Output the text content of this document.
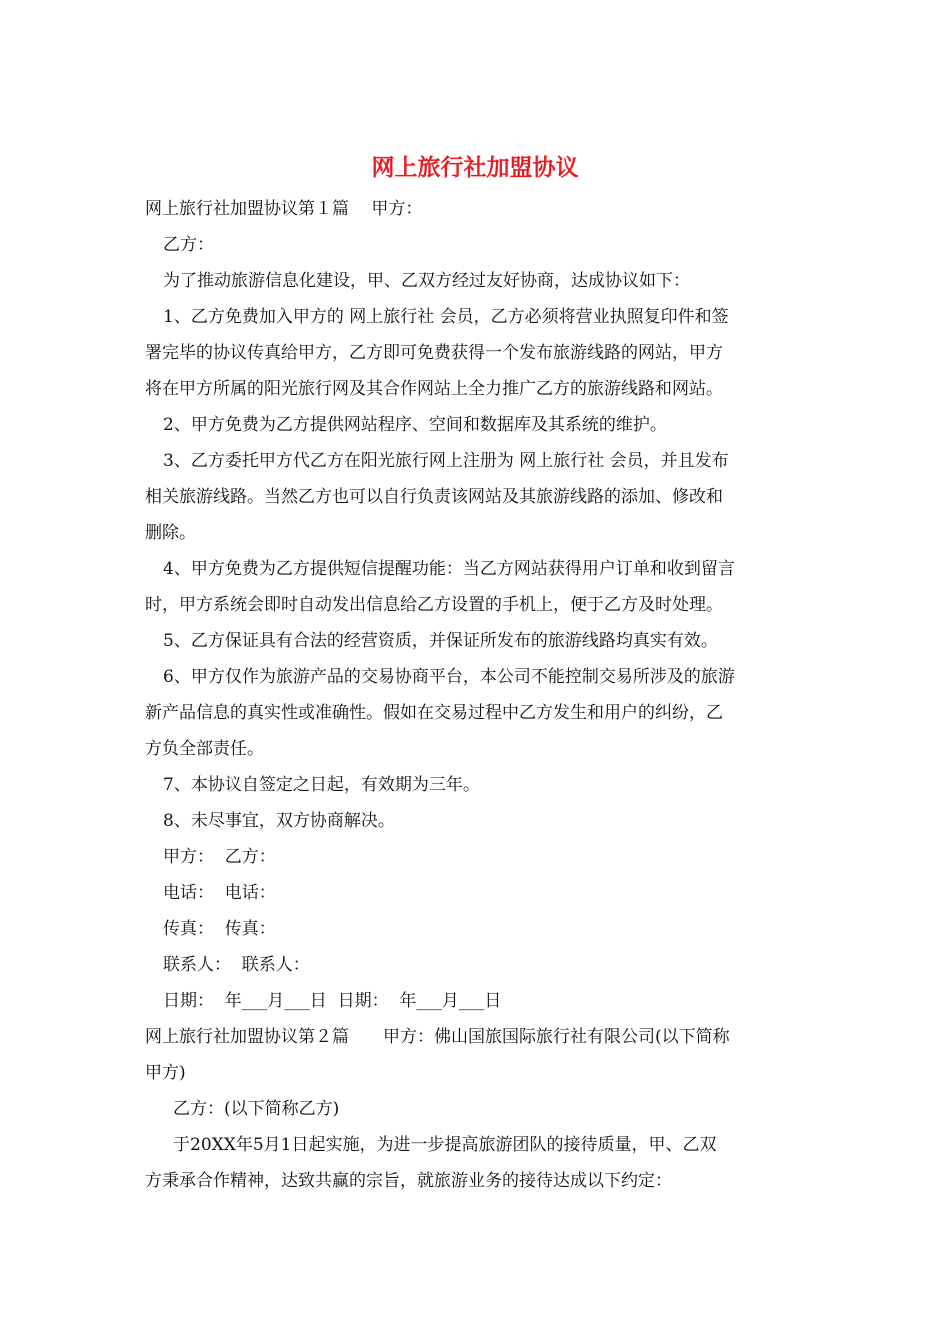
网上旅行社加盟协议

网上旅行社加盟协议第１篇　 甲方：

乙方：

为了推动旅游信息化建设，甲、乙双方经过友好协商，达成协议如下：

1、乙方免费加入甲方的 网上旅行社 会员，乙方必须将营业执照复印件和签

署完毕的协议传真给甲方，乙方即可免费获得一个发布旅游线路的网站，甲方

将在甲方所属的阳光旅行网及其合作网站上全力推广乙方的旅游线路和网站。

2、甲方免费为乙方提供网站程序、空间和数据库及其系统的维护。

3、乙方委托甲方代乙方在阳光旅行网上注册为 网上旅行社 会员，并且发布

相关旅游线路。当然乙方也可以自行负责该网站及其旅游线路的添加、修改和

删除。

4、甲方免费为乙方提供短信提醒功能：当乙方网站获得用户订单和收到留言

时，甲方系统会即时自动发出信息给乙方设置的手机上，便于乙方及时处理。

5、乙方保证具有合法的经营资质，并保证所发布的旅游线路均真实有效。

6、甲方仅作为旅游产品的交易协商平台，本公司不能控制交易所涉及的旅游

新产品信息的真实性或准确性。假如在交易过程中乙方发生和用户的纠纷，乙

方负全部责任。

7、本协议自签定之日起，有效期为三年。

8、未尽事宜，双方协商解决。

甲方：  乙方：

电话：  电话：

传真：  传真：

联系人：  联系人：

日期：  年___月___日  日期：  年___月___日

网上旅行社加盟协议第２篇　　甲方：佛山国旅国际旅行社有限公司(以下简称

甲方)

乙方：(以下简称乙方)

于20XX年5月1日起实施，为进一步提高旅游团队的接待质量，甲、乙双

方秉承合作精神，达致共赢的宗旨，就旅游业务的接待达成以下约定：
